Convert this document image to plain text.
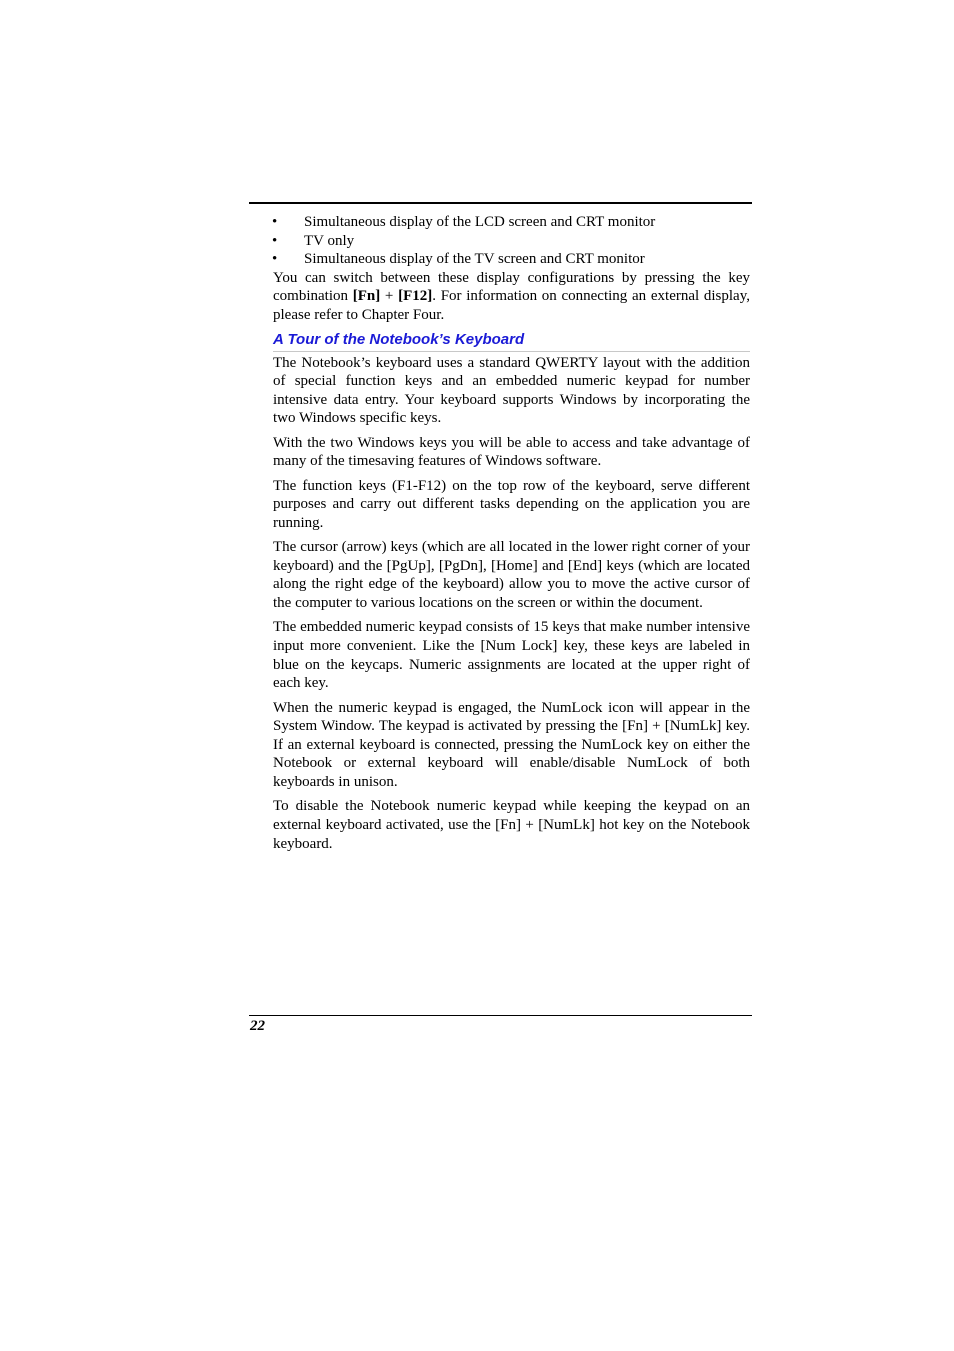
•	Simultaneous display of the LCD screen and CRT monitor
•	TV only
•	Simultaneous display of the TV screen and CRT monitor

You can switch between these display configurations by pressing the key combination [Fn] + [F12]. For information on connecting an external display, please refer to Chapter Four.

A Tour of the Notebook’s Keyboard

The Notebook’s keyboard uses a standard QWERTY layout with the addition of special function keys and an embedded numeric keypad for number intensive data entry. Your keyboard supports Windows by incorporating the two Windows specific keys.

With the two Windows keys you will be able to access and take advantage of many of the timesaving features of Windows software.

The function keys (F1-F12) on the top row of the keyboard, serve different purposes and carry out different tasks depending on the application you are running.

The cursor (arrow) keys (which are all located in the lower right corner of your keyboard) and the [PgUp], [PgDn], [Home] and [End] keys (which are located along the right edge of the keyboard) allow you to move the active cursor of the computer to various locations on the screen or within the document.

The embedded numeric keypad consists of 15 keys that make number intensive input more convenient. Like the [Num Lock] key, these keys are labeled in blue on the keycaps. Numeric assignments are located at the upper right of each key.

When the numeric keypad is engaged, the NumLock icon will appear in the System Window. The keypad is activated by pressing the [Fn] + [NumLk] key. If an external keyboard is connected, pressing the NumLock key on either the Notebook or external keyboard will enable/disable NumLock of both keyboards in unison.

To disable the Notebook numeric keypad while keeping the keypad on an external keyboard activated, use the [Fn] + [NumLk] hot key on the Notebook keyboard.

22
